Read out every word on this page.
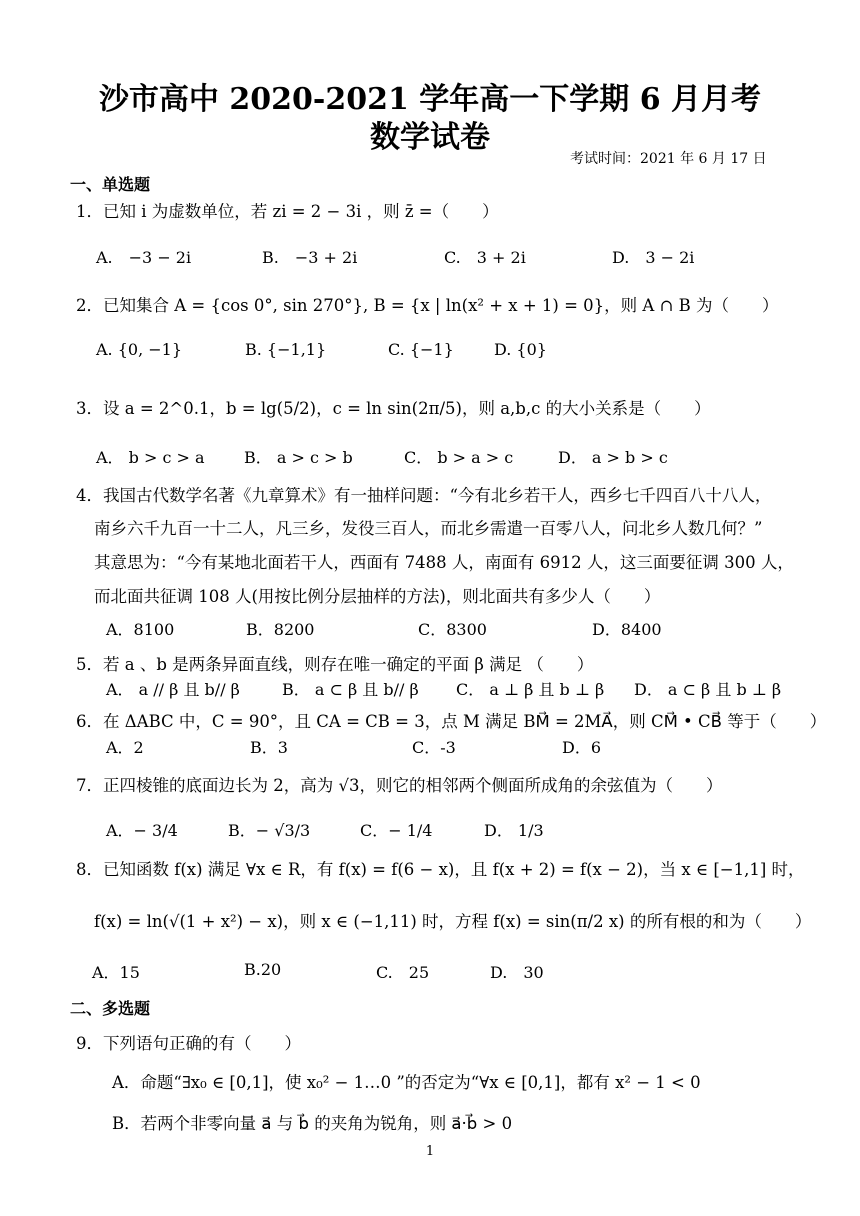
沙市高中 2020-2021 学年高一下学期 6 月月考
数学试卷
考试时间：2021 年 6 月 17 日
一、单选题
1．已知 i 为虚数单位，若 zi = 2 − 3i ，则 z̄ =（　　）
A.　−3 − 2i	B.　−3 + 2i	C.　3 + 2i	D.　3 − 2i
2．已知集合 A = {cos 0°, sin 270°}, B = {x | ln(x² + x + 1) = 0}，则 A ∩ B 为（　　）
A. {0, −1}	B. {−1,1}	C. {−1}	D. {0}
3．设 a = 2^0.1，b = lg(5/2)，c = ln sin(2π/5)，则 a,b,c 的大小关系是（　　）
A． b > c > a B． a > c > b	C． b > a > c	D． a > b > c
4．我国古代数学名著《九章算术》有一抽样问题：“今有北乡若干人，西乡七千四百八十八人，
南乡六千九百一十二人，凡三乡，发役三百人，而北乡需遣一百零八人，问北乡人数几何？”
其意思为：“今有某地北面若干人，西面有 7488 人，南面有 6912 人，这三面要征调 300 人，
而北面共征调 108 人(用按比例分层抽样的方法)，则北面共有多少人（　　）
A．8100	B．8200	C．8300	D．8400
5．若 a 、b 是两条异面直线，则存在唯一确定的平面 β 满足 （　　）
A． a // β 且 b// β	B． a ⊂ β 且 b// β C． a ⊥ β 且 b ⊥ β D． a ⊂ β 且 b ⊥ β
6．在 ΔABC 中，C = 90°，且 CA = CB = 3，点 M 满足 BM⃗ = 2MA⃗，则 CM⃗ • CB⃗ 等于（　　）
A．2	B．3	C．-3	D．6
7．正四棱锥的底面边长为 2，高为 √3，则它的相邻两个侧面所成角的余弦值为（　　）
A．− 3/4	B．− √3/3	C．− 1/4	D． 1/3
8．已知函数 f(x) 满足 ∀x ∈ R，有 f(x) = f(6 − x)，且 f(x + 2) = f(x − 2)，当 x ∈ [−1,1] 时，
f(x) = ln(√(1 + x²) − x)，则 x ∈ (−1,11) 时，方程 f(x) = sin(π/2 x) 的所有根的和为（　　）
A．15	B.20	C.　25	D.　30
二、多选题
9．下列语句正确的有（　　）
A．命题“∃x₀ ∈ [0,1]，使 x₀² − 1…0 ”的否定为“∀x ∈ [0,1]，都有 x² − 1 < 0
B．若两个非零向量 a⃗ 与 b⃗ 的夹角为锐角，则 a⃗·b⃗ > 0
1
